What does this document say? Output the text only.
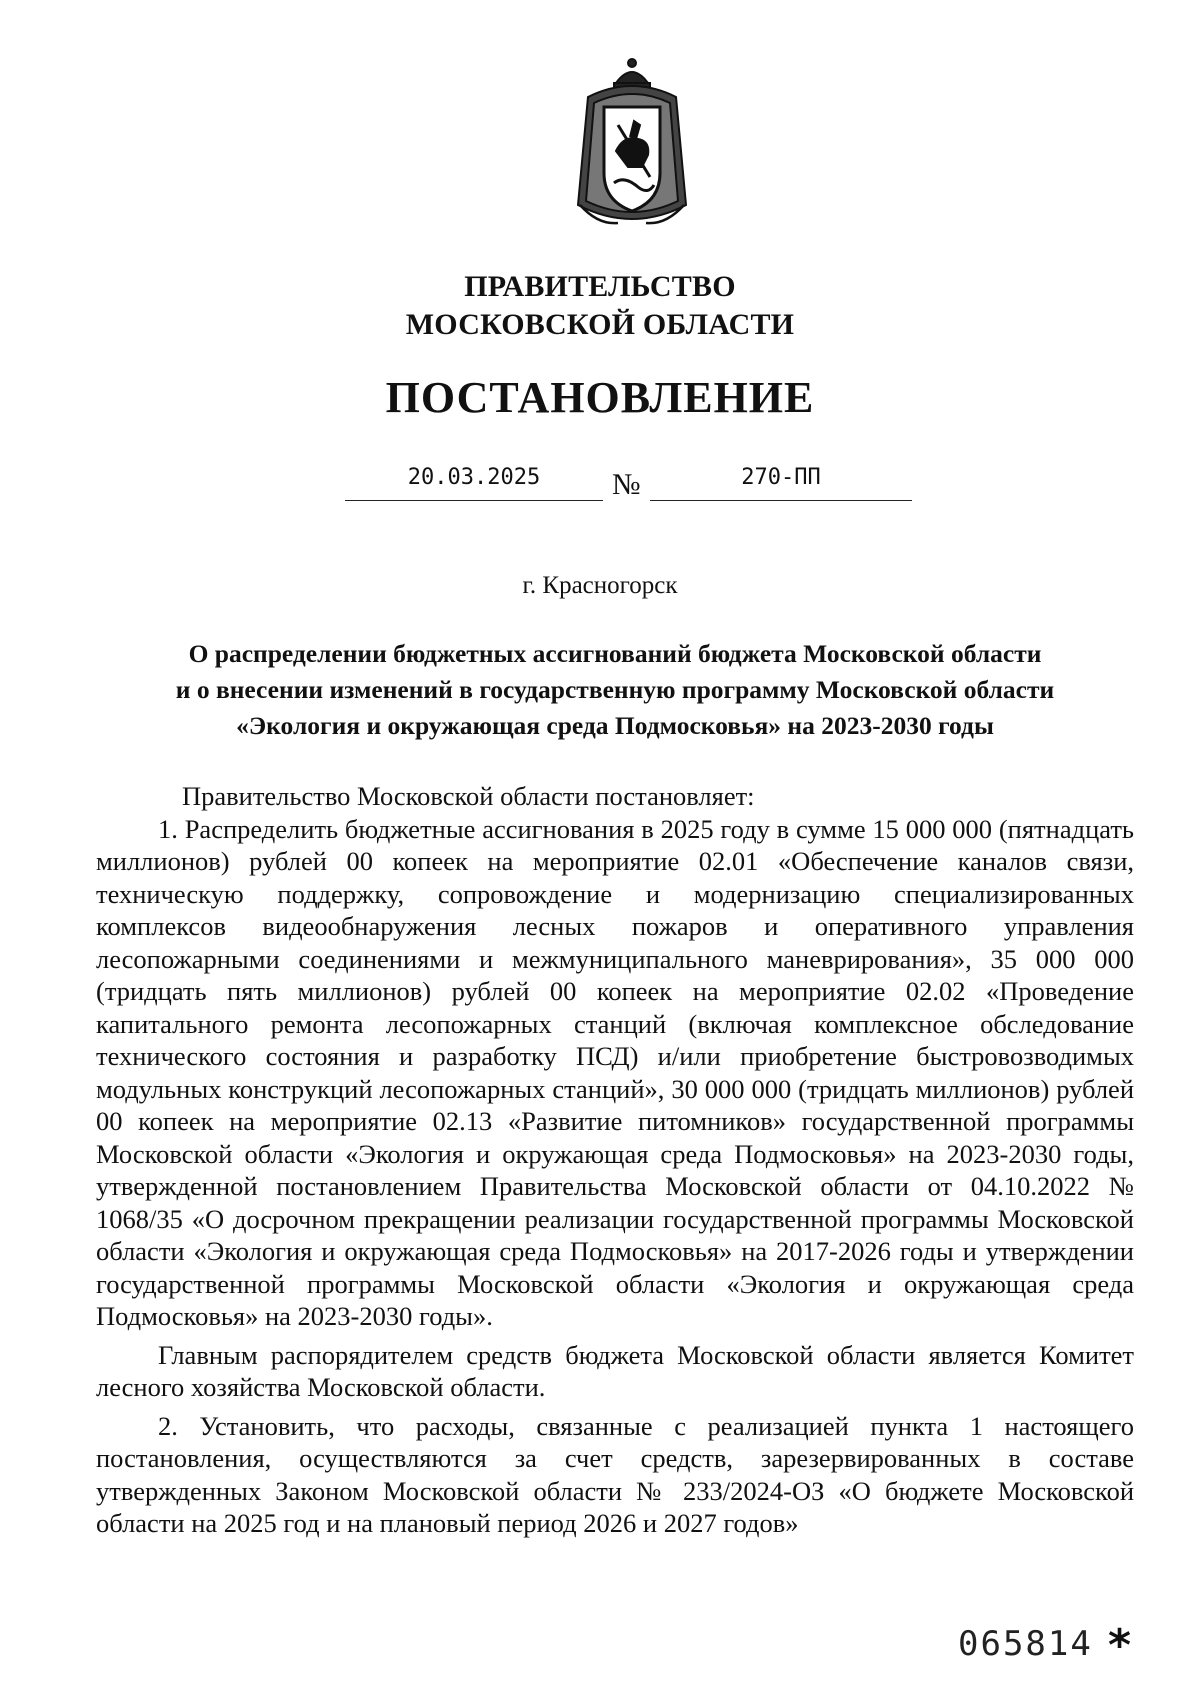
ПРАВИТЕЛЬСТВО
МОСКОВСКОЙ ОБЛАСТИ
ПОСТАНОВЛЕНИЕ
20.03.2025	№	270-ПП
г. Красногорск
О распределении бюджетных ассигнований бюджета Московской области
и о внесении изменений в государственную программу Московской области
«Экология и окружающая среда Подмосковья» на 2023-2030 годы

Правительство Московской области постановляет:

1. Распределить бюджетные ассигнования в 2025 году в сумме 15 000 000 (пятнадцать миллионов) рублей 00 копеек на мероприятие 02.01 «Обеспечение каналов связи, техническую поддержку, сопровождение и модернизацию специализированных комплексов видеообнаружения лесных пожаров и оперативного управления лесопожарными соединениями и межмуниципального маневрирования», 35 000 000 (тридцать пять миллионов) рублей 00 копеек на мероприятие 02.02 «Проведение капитального ремонта лесопожарных станций (включая комплексное обследование технического состояния и разработку ПСД) и/или приобретение быстровозводимых модульных конструкций лесопожарных станций», 30 000 000 (тридцать миллионов) рублей 00 копеек на мероприятие 02.13 «Развитие питомников» государственной программы Московской области «Экология и окружающая среда Подмосковья» на 2023-2030 годы, утвержденной постановлением Правительства Московской области от 04.10.2022 № 1068/35 «О досрочном прекращении реализации государственной программы Московской области «Экология и окружающая среда Подмосковья» на 2017-2026 годы и утверждении государственной программы Московской области «Экология и окружающая среда Подмосковья» на 2023-2030 годы».

Главным распорядителем средств бюджета Московской области является Комитет лесного хозяйства Московской области.

2. Установить, что расходы, связанные с реализацией пункта 1 настоящего постановления, осуществляются за счет средств, зарезервированных в составе утвержденных Законом Московской области № 233/2024-ОЗ «О бюджете Московской области на 2025 год и на плановый период 2026 и 2027 годов»

065814 *
